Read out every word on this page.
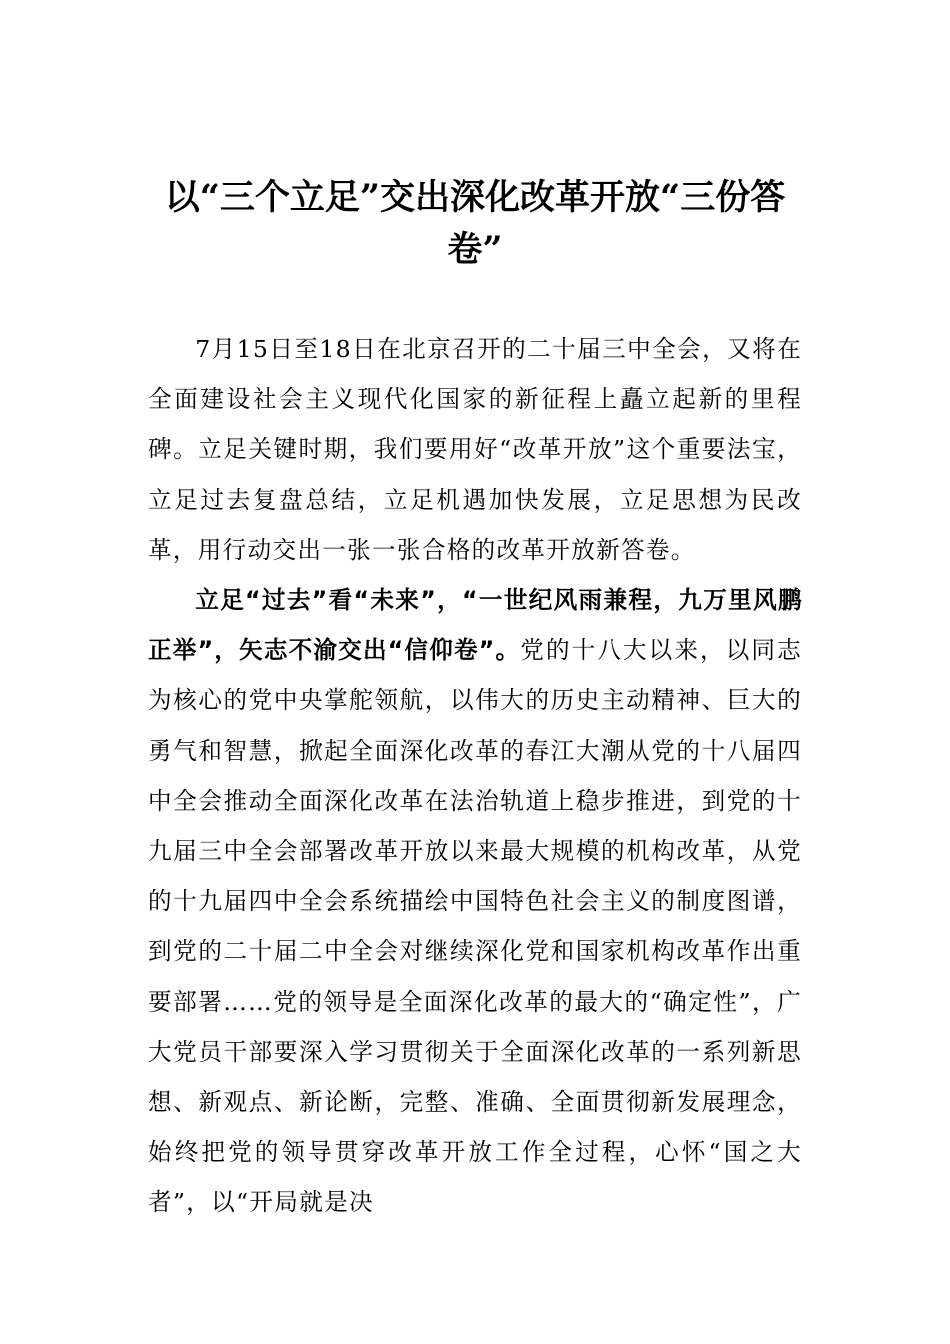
以“三个立足”交出深化改革开放“三份答卷”

7月15日至18日在北京召开的二十届三中全会，又将在全面建设社会主义现代化国家的新征程上矗立起新的里程碑。立足关键时期，我们要用好“改革开放”这个重要法宝，立足过去复盘总结，立足机遇加快发展，立足思想为民改革，用行动交出一张一张合格的改革开放新答卷。

立足“过去”看“未来”，“一世纪风雨兼程，九万里风鹏正举”，矢志不渝交出“信仰卷”。党的十八大以来，以同志为核心的党中央掌舵领航，以伟大的历史主动精神、巨大的勇气和智慧，掀起全面深化改革的春江大潮从党的十八届四中全会推动全面深化改革在法治轨道上稳步推进，到党的十九届三中全会部署改革开放以来最大规模的机构改革，从党的十九届四中全会系统描绘中国特色社会主义的制度图谱，到党的二十届二中全会对继续深化党和国家机构改革作出重要部署……党的领导是全面深化改革的最大的“确定性”，广大党员干部要深入学习贯彻关于全面深化改革的一系列新思想、新观点、新论断，完整、准确、全面贯彻新发展理念，始终把党的领导贯穿改革开放工作全过程，心怀“国之大者”，以“开局就是决
